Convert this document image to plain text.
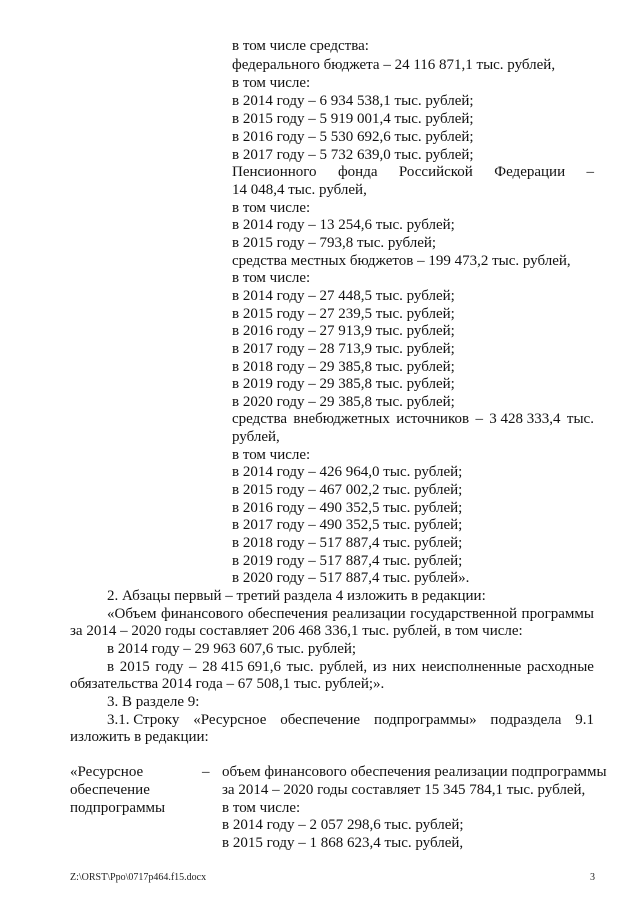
в том числе средства:
федерального бюджета – 24 116 871,1 тыс. рублей,
в том числе:
в 2014 году – 6 934 538,1 тыс. рублей;
в 2015 году – 5 919 001,4 тыс. рублей;
в 2016 году – 5 530 692,6 тыс. рублей;
в 2017 году – 5 732 639,0 тыс. рублей;
Пенсионного фонда Российской Федерации –
14 048,4 тыс. рублей,
в том числе:
в 2014 году – 13 254,6 тыс. рублей;
в 2015 году – 793,8 тыс. рублей;
средства местных бюджетов – 199 473,2 тыс. рублей,
в том числе:
в 2014 году – 27 448,5 тыс. рублей;
в 2015 году – 27 239,5 тыс. рублей;
в 2016 году – 27 913,9 тыс. рублей;
в 2017 году – 28 713,9 тыс. рублей;
в 2018 году – 29 385,8 тыс. рублей;
в 2019 году – 29 385,8 тыс. рублей;
в 2020 году – 29 385,8 тыс. рублей;
средства внебюджетных источников – 3 428 333,4 тыс.
рублей,
в том числе:
в 2014 году – 426 964,0 тыс. рублей;
в 2015 году – 467 002,2 тыс. рублей;
в 2016 году – 490 352,5 тыс. рублей;
в 2017 году – 490 352,5 тыс. рублей;
в 2018 году – 517 887,4 тыс. рублей;
в 2019 году – 517 887,4 тыс. рублей;
в 2020 году – 517 887,4 тыс. рублей».
2. Абзацы первый – третий раздела 4 изложить в редакции:
«Объем финансового обеспечения реализации государственной программы
за 2014 – 2020 годы составляет 206 468 336,1 тыс. рублей, в том числе:
в 2014 году – 29 963 607,6 тыс. рублей;
в 2015 году – 28 415 691,6 тыс. рублей, из них неисполненные расходные
обязательства 2014 года – 67 508,1 тыс. рублей;».
3. В разделе 9:
3.1. Строку «Ресурсное обеспечение подпрограммы» подраздела 9.1
изложить в редакции:
«Ресурсное
обеспечение
подпрограммы
– объем финансового обеспечения реализации подпрограммы
за 2014 – 2020 годы составляет 15 345 784,1 тыс. рублей,
в том числе:
в 2014 году – 2 057 298,6 тыс. рублей;
в 2015 году – 1 868 623,4 тыс. рублей,
Z:\ORST\Ppo\0717p464.f15.docx	3
